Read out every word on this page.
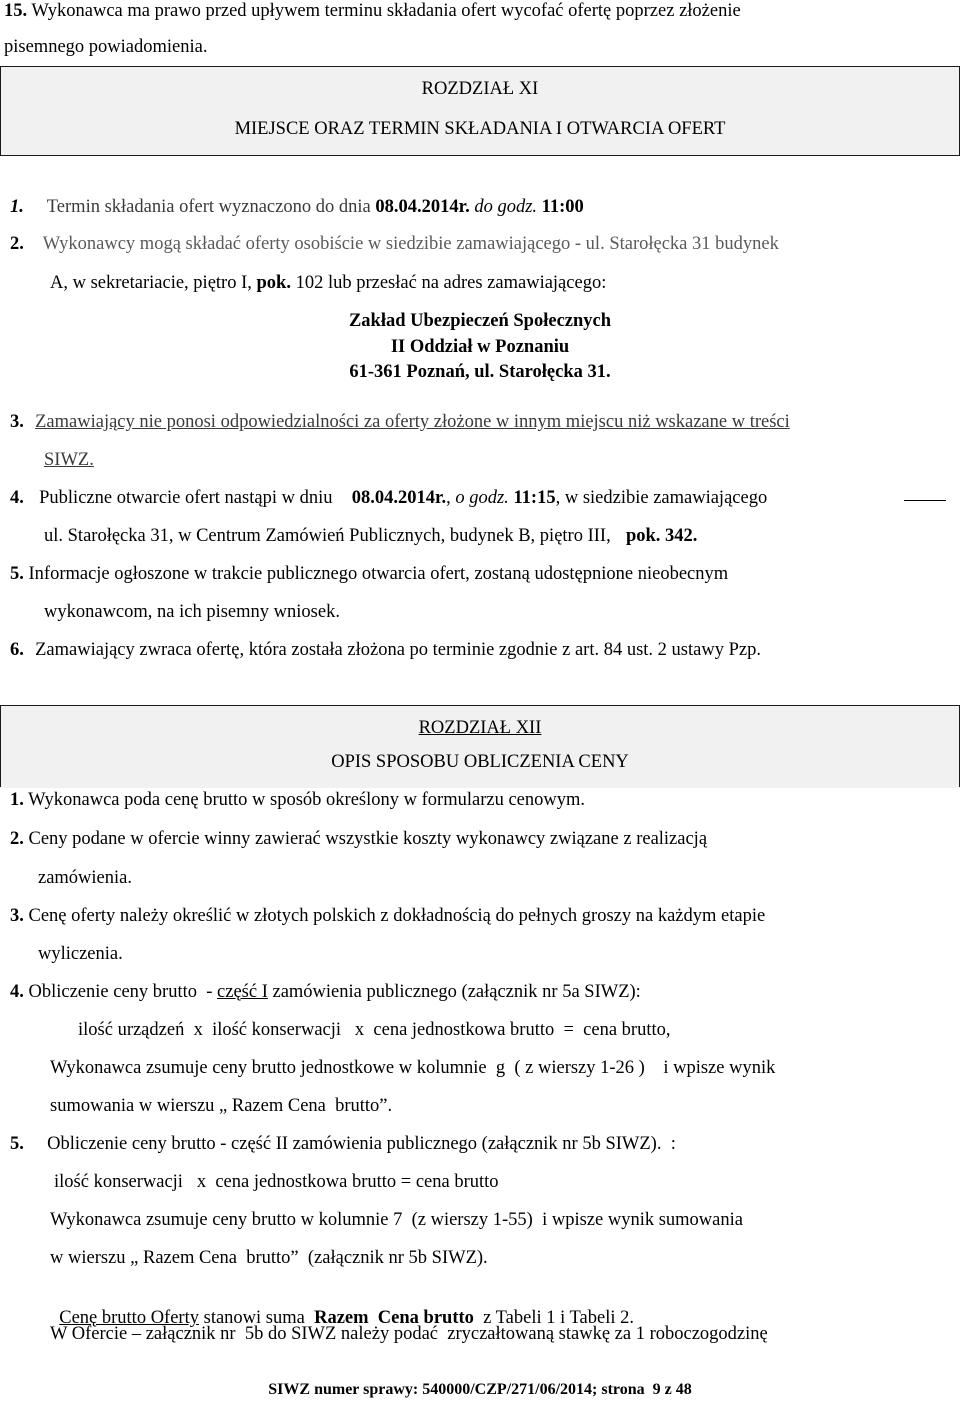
15. Wykonawca ma prawo przed upływem terminu składania ofert wycofać ofertę poprzez złożenie
pisemnego powiadomienia.
ROZDZIAŁ XI
MIEJSCE ORAZ TERMIN SKŁADANIA I OTWARCIA OFERT
1. Termin składania ofert wyznaczono do dnia 08.04.2014r. do godz. 11:00
2. Wykonawcy mogą składać oferty osobiście w siedzibie zamawiającego - ul. Starołęcka 31 budynek
A, w sekretariacie, piętro I, pok. 102 lub przesłać na adres zamawiającego:
Zakład Ubezpieczeń Społecznych
II Oddział w Poznaniu
61-361 Poznań, ul. Starołęcka 31.
3. Zamawiający nie ponosi odpowiedzialności za oferty złożone w innym miejscu niż wskazane w treści
SIWZ.
4. Publiczne otwarcie ofert nastąpi w dniu 08.04.2014r., o godz. 11:15, w siedzibie zamawiającego
ul. Starołęcka 31, w Centrum Zamówień Publicznych, budynek B, piętro III, pok. 342.
5. Informacje ogłoszone w trakcie publicznego otwarcia ofert, zostaną udostępnione nieobecnym
wykonawcom, na ich pisemny wniosek.
6. Zamawiający zwraca ofertę, która została złożona po terminie zgodnie z art. 84 ust. 2 ustawy Pzp.
ROZDZIAŁ XII
OPIS SPOSOBU OBLICZENIA CENY
1. Wykonawca poda cenę brutto w sposób określony w formularzu cenowym.
2. Ceny podane w ofercie winny zawierać wszystkie koszty wykonawcy związane z realizacją
zamówienia.
3. Cenę oferty należy określić w złotych polskich z dokładnością do pełnych groszy na każdym etapie
wyliczenia.
4. Obliczenie ceny brutto  - część I zamówienia publicznego (załącznik nr 5a SIWZ):
ilość urządzeń  x  ilość konserwacji   x  cena jednostkowa brutto  =  cena brutto,
Wykonawca zsumuje ceny brutto jednostkowe w kolumnie  g  ( z wierszy 1-26 )    i wpisze wynik
sumowania w wierszu „ Razem Cena  brutto”.
5. Obliczenie ceny brutto - część II zamówienia publicznego (załącznik nr 5b SIWZ).  :
ilość konserwacji   x  cena jednostkowa brutto = cena brutto
Wykonawca zsumuje ceny brutto w kolumnie 7  (z wierszy 1-55)  i wpisze wynik sumowania
w wierszu „ Razem Cena  brutto”  (załącznik nr 5b SIWZ).

Cenę brutto Oferty stanowi suma  Razem  Cena brutto  z Tabeli 1 i Tabeli 2.

W Ofercie – załącznik nr  5b do SIWZ należy podać  zryczałtowaną stawkę za 1 roboczogodzinę
SIWZ numer sprawy: 540000/CZP/271/06/2014; strona  9 z 48
